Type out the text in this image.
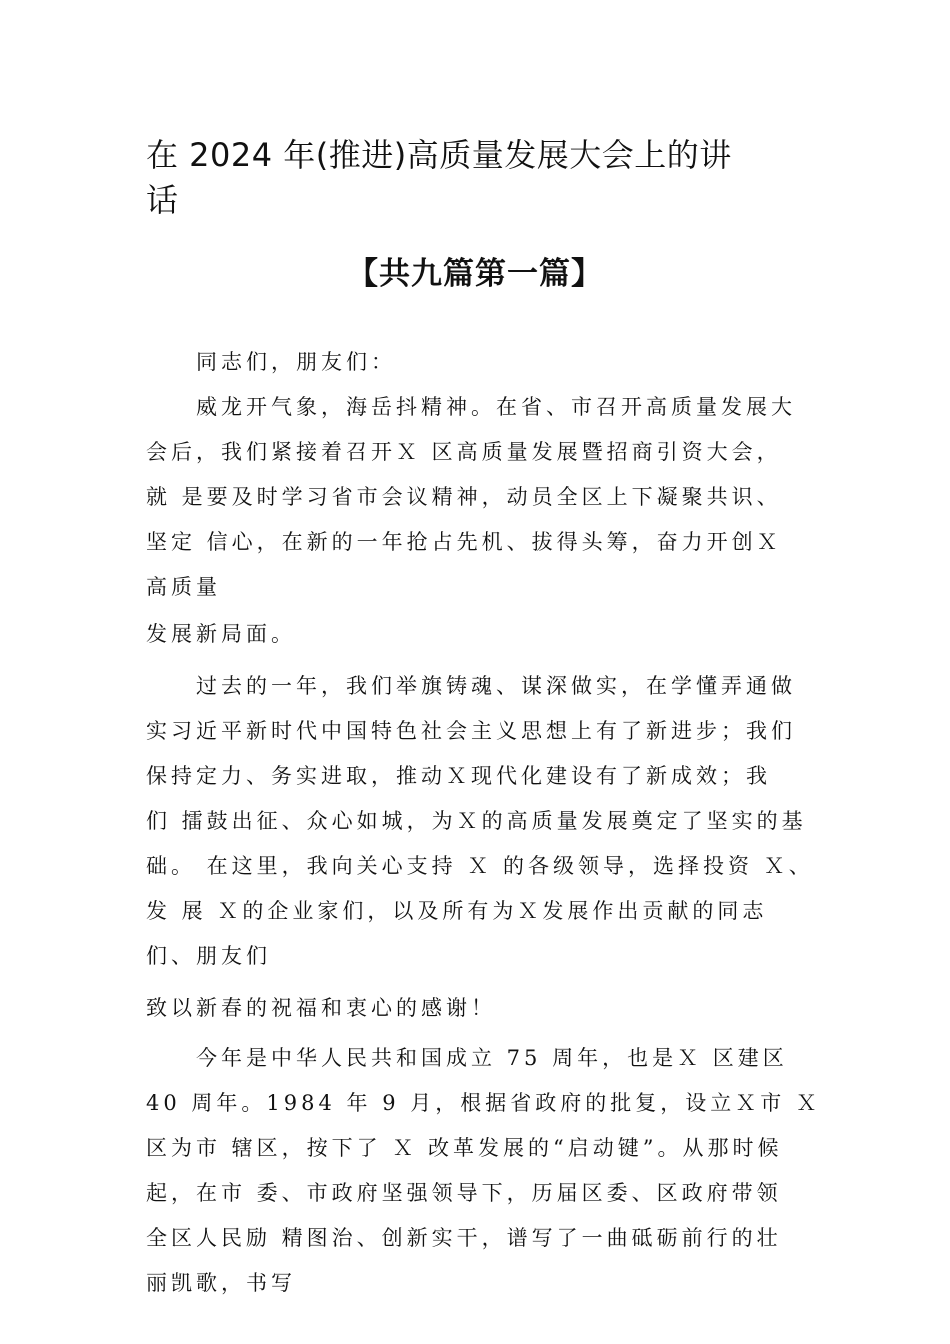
在 2024 年(推进)高质量发展大会上的讲
话
【共九篇第一篇】

同志们，朋友们：

威龙开气象，海岳抖精神。在省、市召开高质量发展大
会后，我们紧接着召开Ｘ 区高质量发展暨招商引资大会，
就 是要及时学习省市会议精神，动员全区上下凝聚共识、
坚定 信心，在新的一年抢占先机、拔得头筹，奋力开创Ｘ
高质量

发展新局面。

过去的一年，我们举旗铸魂、谋深做实，在学懂弄通做
实习近平新时代中国特色社会主义思想上有了新进步；我们
保持定力、务实进取，推动Ｘ现代化建设有了新成效；我
们 擂鼓出征、众心如城，为Ｘ的高质量发展奠定了坚实的基
础。 在这里，我向关心支持 Ｘ 的各级领导，选择投资 Ｘ、
发 展 Ｘ的企业家们，以及所有为Ｘ发展作出贡献的同志
们、朋友们

致以新春的祝福和衷心的感谢！

今年是中华人民共和国成立 75 周年，也是Ｘ 区建区
40 周年。1984 年 9 月，根据省政府的批复，设立Ｘ市 Ｘ
区为市 辖区，按下了 Ｘ 改革发展的“启动键”。从那时候
起，在市 委、市政府坚强领导下，历届区委、区政府带领
全区人民励 精图治、创新实干，谱写了一曲砥砺前行的壮
丽凯歌，书写
